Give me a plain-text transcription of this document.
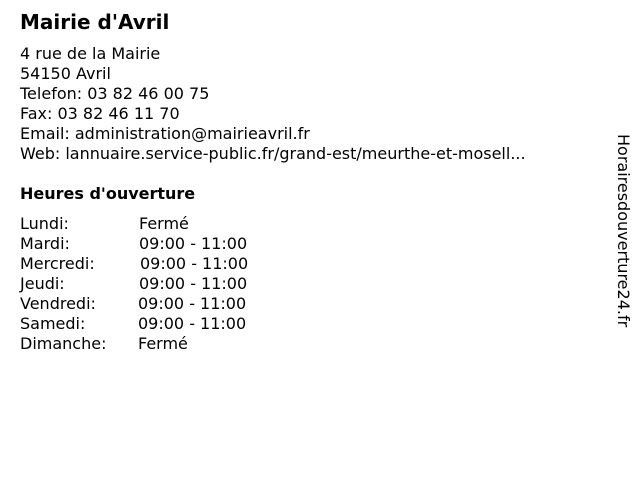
Mairie d'Avril
4 rue de la Mairie
54150 Avril
Telefon: 03 82 46 00 75
Fax: 03 82 46 11 70
Email: administration@mairieavril.fr
Web: lannuaire.service-public.fr/grand-est/meurthe-et-mosell...
Heures d'ouverture
Lundi:	Fermé
Mardi:	09:00 - 11:00
Mercredi:	09:00 - 11:00
Jeudi:	09:00 - 11:00
Vendredi:	09:00 - 11:00
Samedi:	09:00 - 11:00
Dimanche: Fermé
Horairesdouverture24.fr
